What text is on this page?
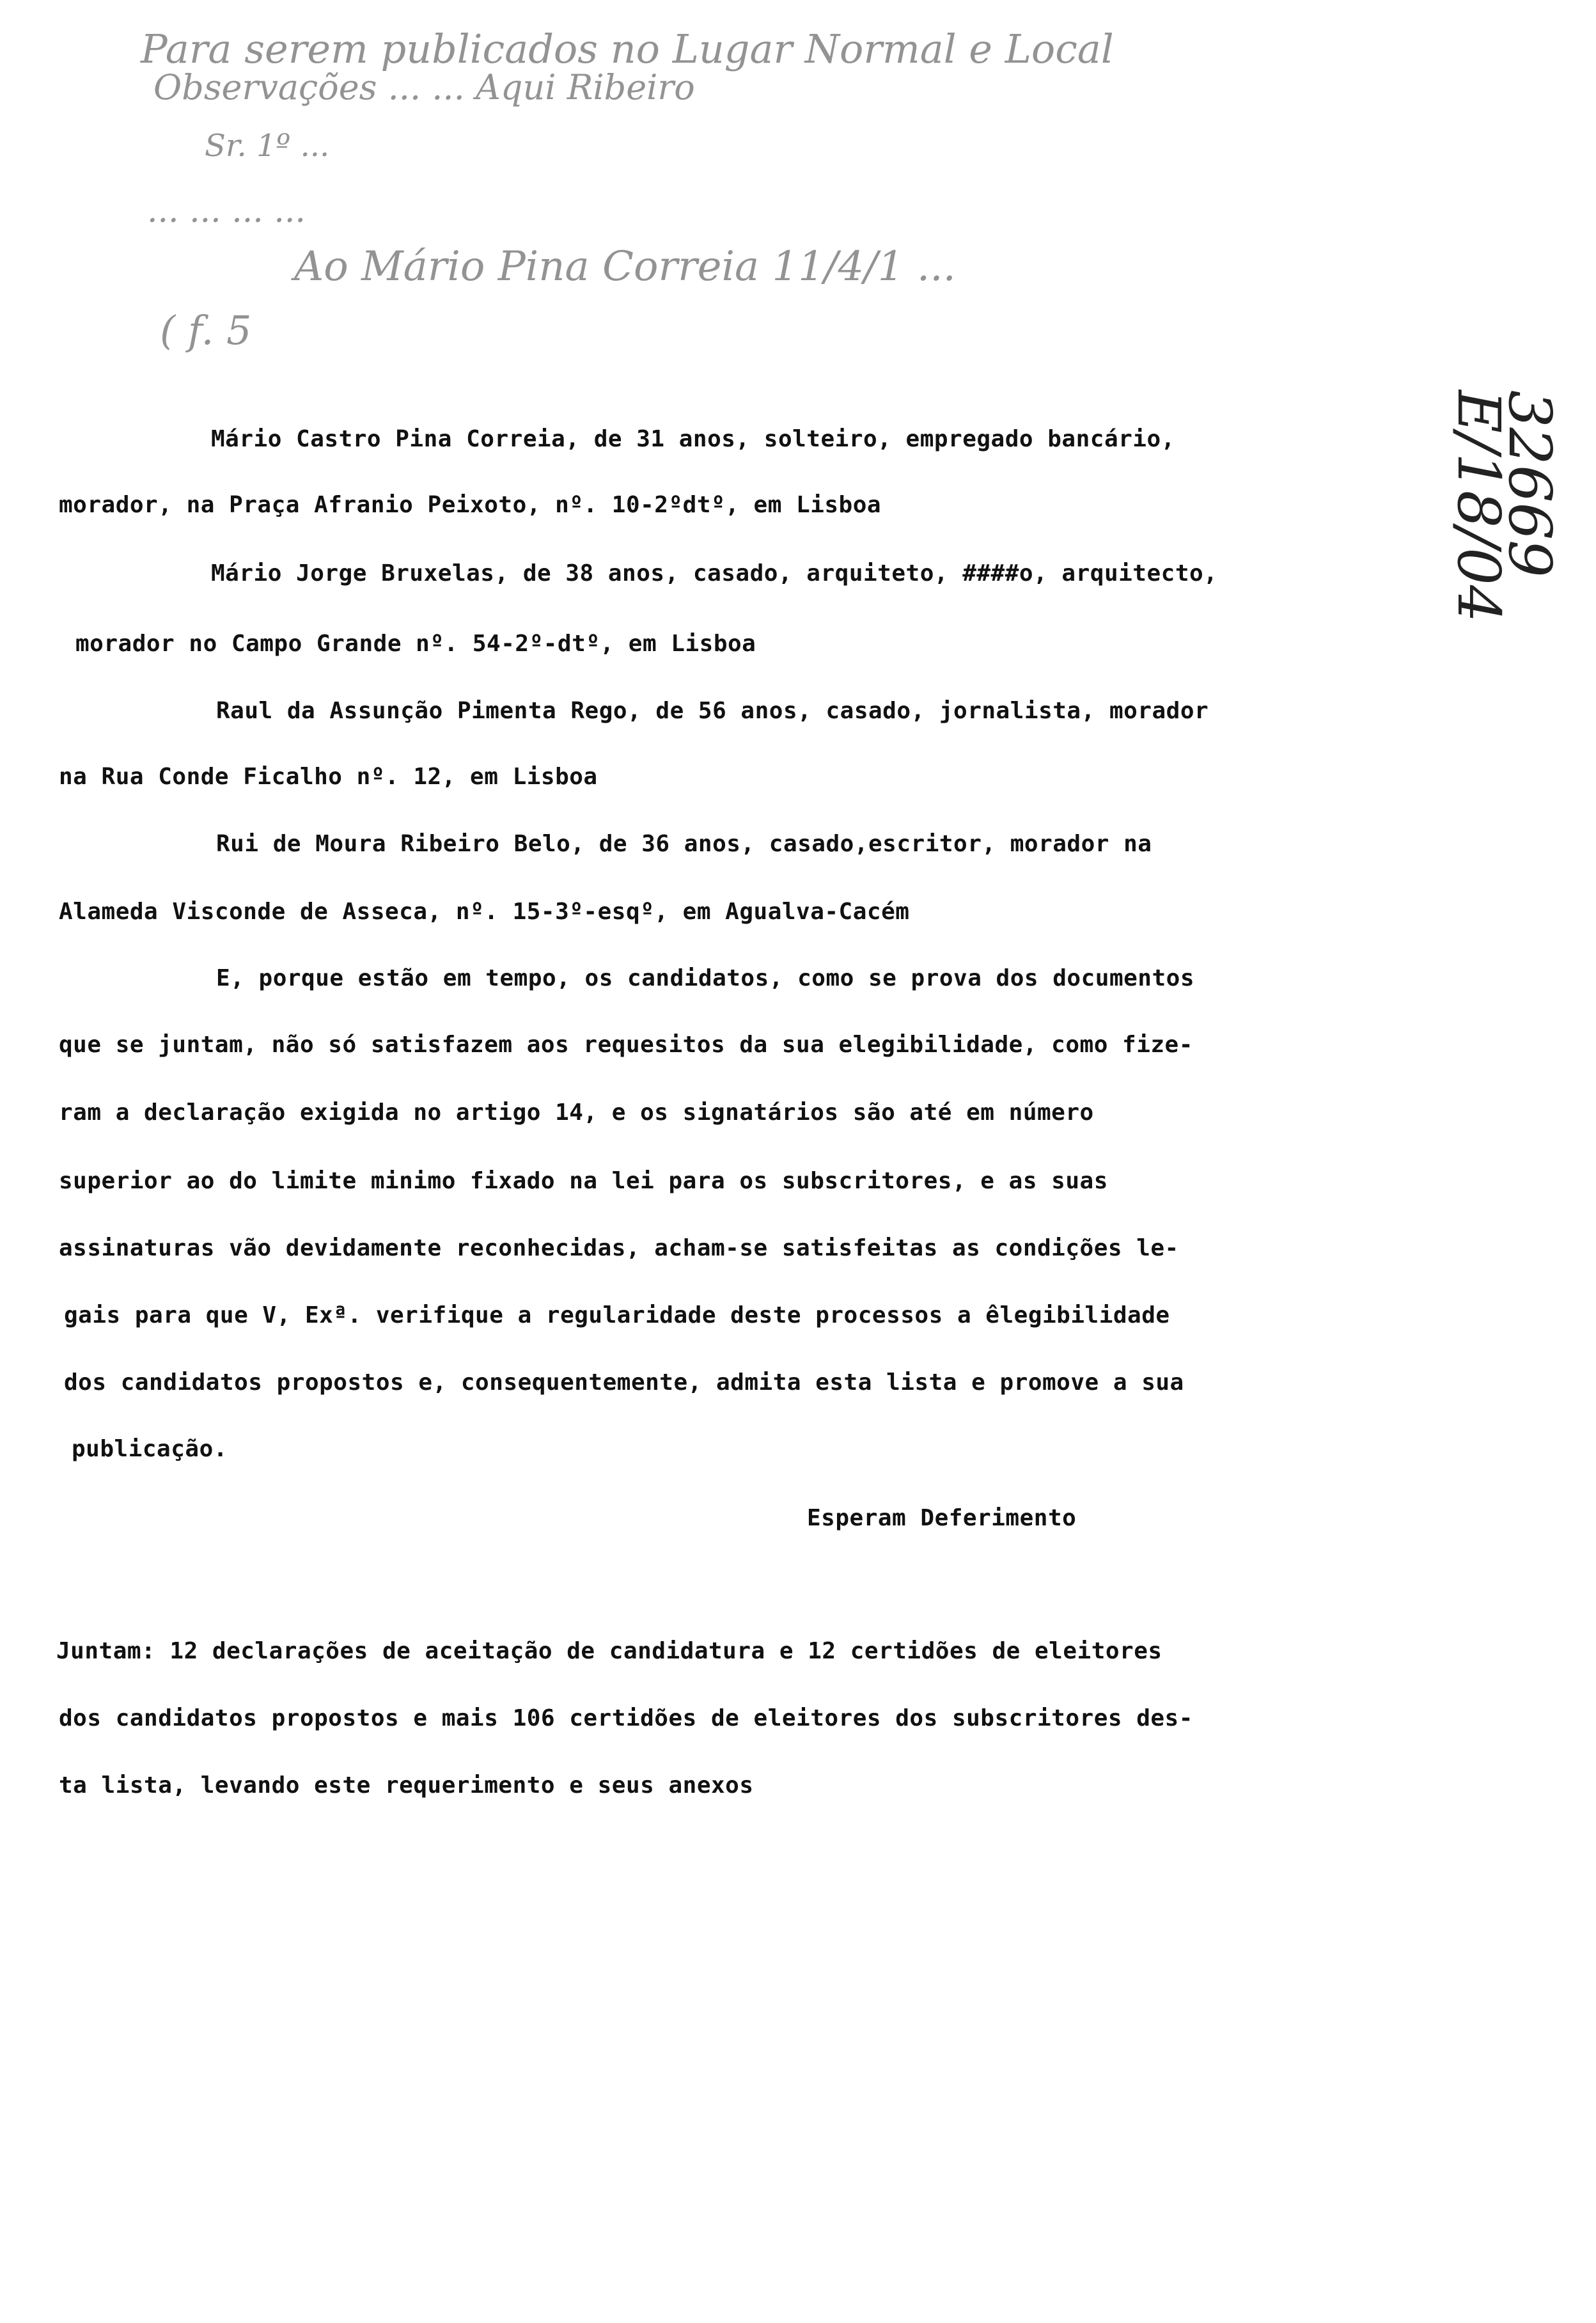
Para serem publicados no Lugar Normal e Local
Observações ... ... Aqui Ribeiro
Sr. 1º ...
... ... ... ...
Ao Mário Pina Correia 11/4/1 ...
( f. 5
32669
E/18/04
Mário Castro Pina Correia, de 31 anos, solteiro, empregado bancário,
morador, na Praça Afranio Peixoto, nº. 10-2ºdtº, em Lisboa
Mário Jorge Bruxelas, de 38 anos, casado, arquiteto, ####o, arquitecto,
morador no Campo Grande nº. 54-2º-dtº, em Lisboa
Raul da Assunção Pimenta Rego, de 56 anos, casado, jornalista, morador
na Rua Conde Ficalho nº. 12, em Lisboa
Rui de Moura Ribeiro Belo, de 36 anos, casado,escritor, morador na
Alameda Visconde de Asseca, nº. 15-3º-esqº, em Agualva-Cacém
E, porque estão em tempo, os candidatos, como se prova dos documentos
que se juntam, não só satisfazem aos requesitos da sua elegibilidade, como fize-
ram a declaração exigida no artigo 14, e os signatários são até em número
superior ao do limite minimo fixado na lei para os subscritores, e as suas
assinaturas vão devidamente reconhecidas, acham-se satisfeitas as condições le-
gais para que V, Exª. verifique a regularidade deste processos a êlegibilidade
dos candidatos propostos e, consequentemente, admita esta lista e promove a sua
publicação.
Esperam Deferimento
Juntam: 12 declarações de aceitação de candidatura e 12 certidões de eleitores
dos candidatos propostos e mais 106 certidões de eleitores dos subscritores des-
ta lista, levando este requerimento e seus anexos
